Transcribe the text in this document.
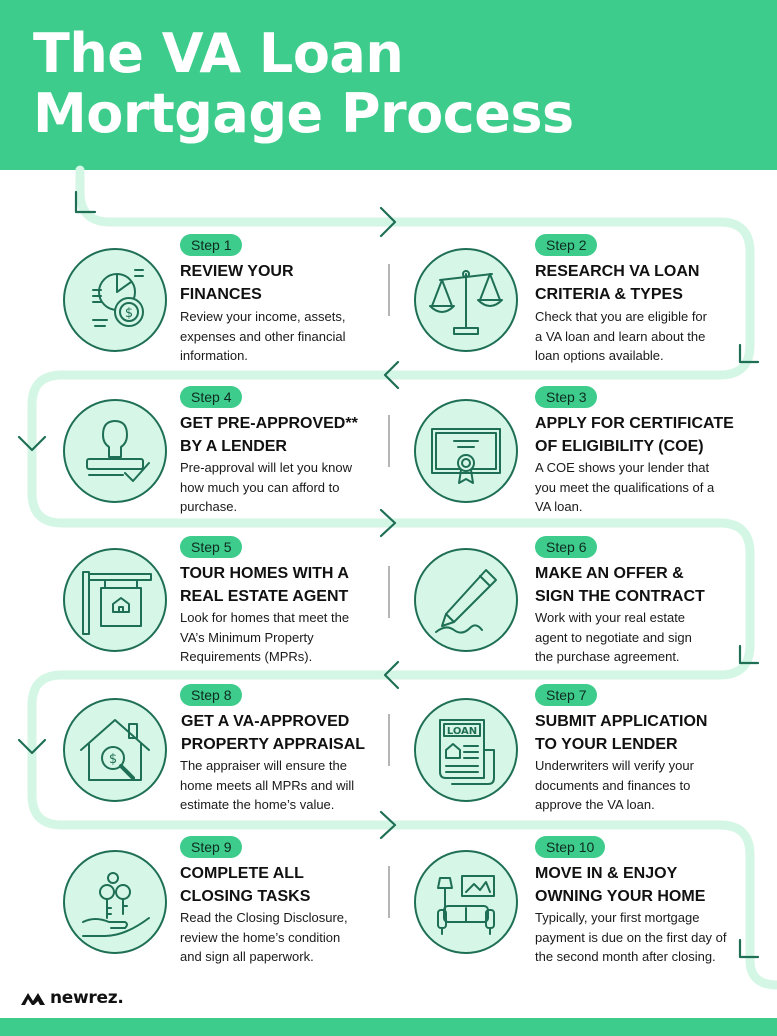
The VA Loan
Mortgage Process
$
Step 1
REVIEW YOUR
FINANCES
Review your income, assets,
expenses and other financial
information.
Step 2
RESEARCH VA LOAN
CRITERIA & TYPES
Check that you are eligible for
a VA loan and learn about the
loan options available.
Step 4
GET PRE-APPROVED**
BY A LENDER
Pre-approval will let you know
how much you can afford to
purchase.
Step 3
APPLY FOR CERTIFICATE
OF ELIGIBILITY (COE)
A COE shows your lender that
you meet the qualifications of a
VA loan.
Step 5
TOUR HOMES WITH A
REAL ESTATE AGENT
Look for homes that meet the
VA’s Minimum Property
Requirements (MPRs).
Step 6
MAKE AN OFFER &
SIGN THE CONTRACT
Work with your real estate
agent to negotiate and sign
the purchase agreement.
$
Step 8
GET A VA-APPROVED
PROPERTY APPRAISAL
The appraiser will ensure the
home meets all MPRs and will
estimate the home’s value.
LOAN
Step 7
SUBMIT APPLICATION
TO YOUR LENDER
Underwriters will verify your
documents and finances to
approve the VA loan.
Step 9
COMPLETE ALL
CLOSING TASKS
Read the Closing Disclosure,
review the home’s condition
and sign all paperwork.
Step 10
MOVE IN & ENJOY
OWNING YOUR HOME
Typically, your first mortgage
payment is due on the first day of
the second month after closing.
newrez.
